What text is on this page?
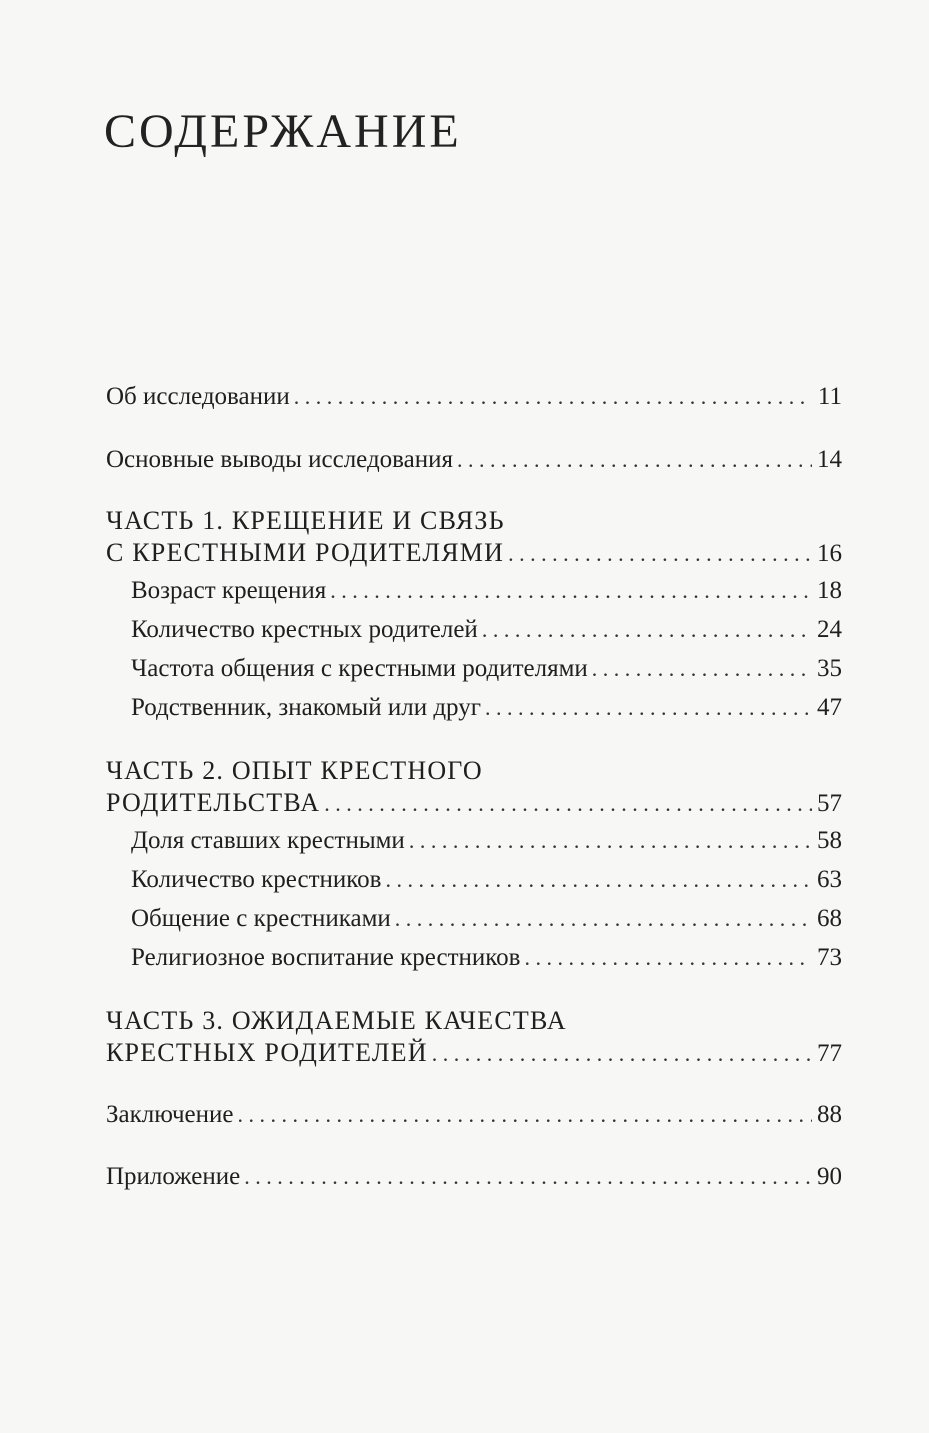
СОДЕРЖАНИЕ
Об исследовании . . .	11
Основные выводы исследования . . .	14
ЧАСТЬ 1. КРЕЩЕНИЕ И СВЯЗЬ
С КРЕСТНЫМИ РОДИТЕЛЯМИ . . .	16
Возраст крещения . . .	18
Количество крестных родителей . . .	24
Частота общения с крестными родителями . . .	35
Родственник, знакомый или друг . . .	47
ЧАСТЬ 2. ОПЫТ КРЕСТНОГО
РОДИТЕЛЬСТВА . . .	57
Доля ставших крестными . . .	58
Количество крестников . . .	63
Общение с крестниками . . .	68
Религиозное воспитание крестников . . .	73
ЧАСТЬ 3. ОЖИДАЕМЫЕ КАЧЕСТВА
КРЕСТНЫХ РОДИТЕЛЕЙ . . .	77
Заключение . . .	88
Приложение . . .	90
